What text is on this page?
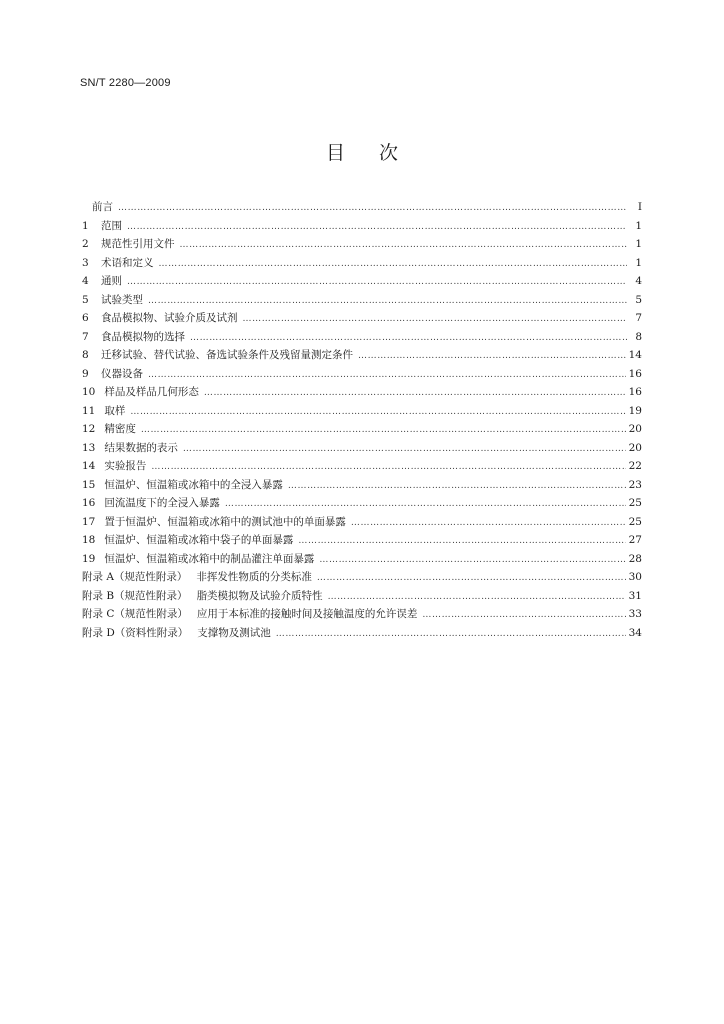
SN/T 2280—2009
目 次
前言 …………………………………………………………………………………………………………………………………………………………………………………………………………	Ⅰ
1	范围 …………………………………………………………………………………………………………………………………………………………………………………………………………	1
2	规范性引用文件 …………………………………………………………………………………………………………………………………………………………………………………………………………	1
3	术语和定义 …………………………………………………………………………………………………………………………………………………………………………………………………………	1
4	通则 …………………………………………………………………………………………………………………………………………………………………………………………………………	4
5	试验类型 …………………………………………………………………………………………………………………………………………………………………………………………………………	5
6	食品模拟物、试验介质及试剂 …………………………………………………………………………………………………………………………………………………………………………………………………………	7
7	食品模拟物的选择 …………………………………………………………………………………………………………………………………………………………………………………………………………	8
8	迁移试验、替代试验、备选试验条件及残留量测定条件 …………………………………………………………………………………………………………………………………………………………………………………………………………	14
9	仪器设备 …………………………………………………………………………………………………………………………………………………………………………………………………………	16
10 样品及样品几何形态 …………………………………………………………………………………………………………………………………………………………………………………………………………	16
11 取样 …………………………………………………………………………………………………………………………………………………………………………………………………………	19
12 精密度 …………………………………………………………………………………………………………………………………………………………………………………………………………	20
13 结果数据的表示 …………………………………………………………………………………………………………………………………………………………………………………………………………	20
14 实验报告 …………………………………………………………………………………………………………………………………………………………………………………………………………	22
15 恒温炉、恒温箱或冰箱中的全浸入暴露 …………………………………………………………………………………………………………………………………………………………………………………………………………	23
16 回流温度下的全浸入暴露 …………………………………………………………………………………………………………………………………………………………………………………………………………	25
17 置于恒温炉、恒温箱或冰箱中的测试池中的单面暴露 …………………………………………………………………………………………………………………………………………………………………………………………………………	25
18 恒温炉、恒温箱或冰箱中袋子的单面暴露 …………………………………………………………………………………………………………………………………………………………………………………………………………	27
19 恒温炉、恒温箱或冰箱中的制品灌注单面暴露 …………………………………………………………………………………………………………………………………………………………………………………………………………	28
附录 A（规范性附录） 非挥发性物质的分类标准 …………………………………………………………………………………………………………………………………………………………………………………………………………	30
附录 B（规范性附录） 脂类模拟物及试验介质特性 …………………………………………………………………………………………………………………………………………………………………………………………………………	31
附录 C（规范性附录） 应用于本标准的接触时间及接触温度的允许误差 …………………………………………………………………………………………………………………………………………………………………………………………………………	33
附录 D（资料性附录） 支撑物及测试池 …………………………………………………………………………………………………………………………………………………………………………………………………………	34
